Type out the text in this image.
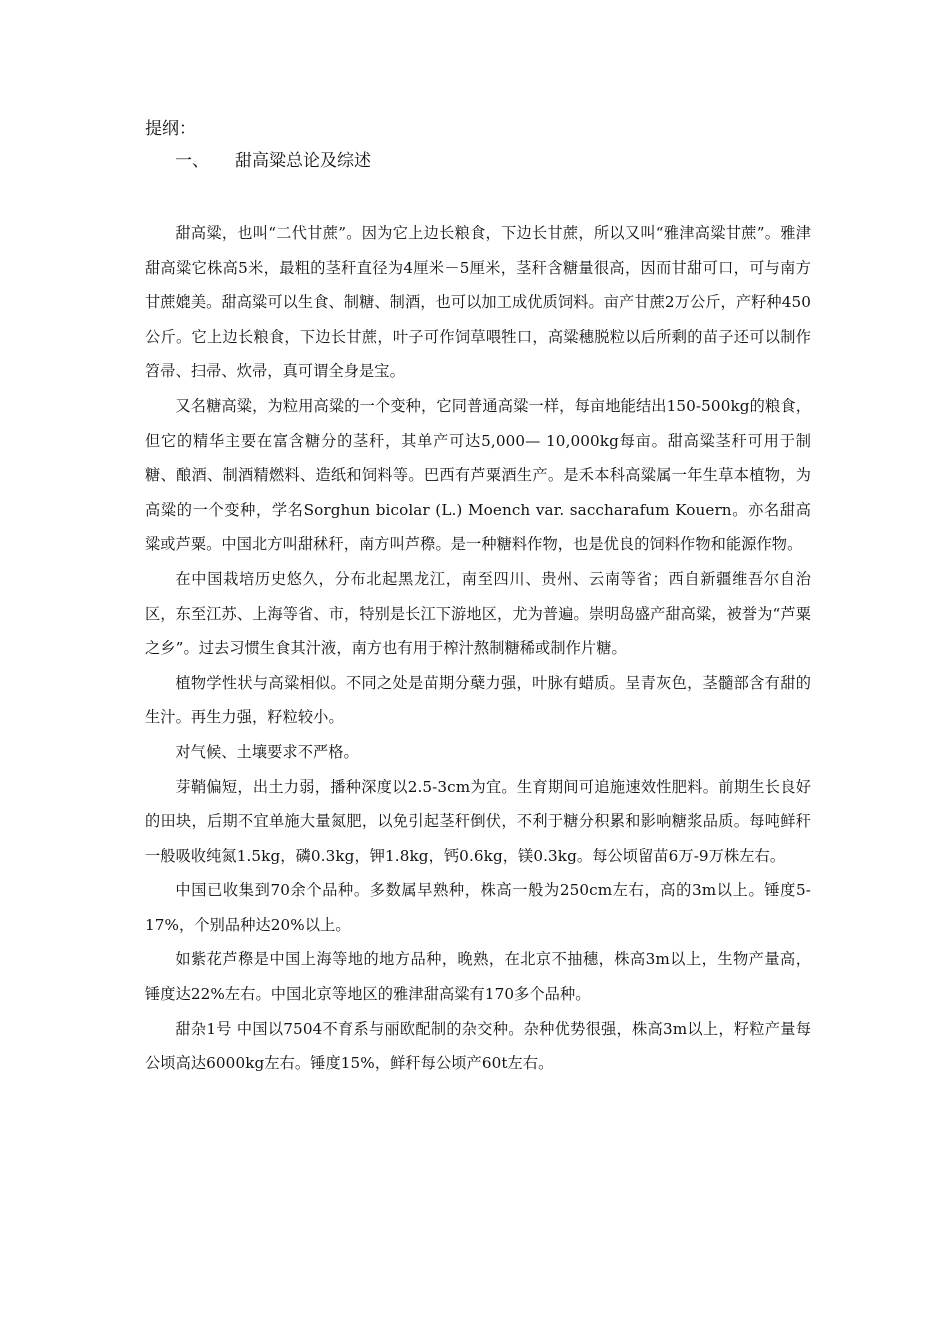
提纲：

一、	甜高粱总论及综述

甜高粱，也叫“二代甘蔗”。因为它上边长粮食，下边长甘蔗，所以又叫“雅津高粱甘蔗”。雅津甜高粱它株高5米，最粗的茎秆直径为4厘米－5厘米，茎秆含糖量很高，因而甘甜可口，可与南方甘蔗媲美。甜高粱可以生食、制糖、制酒，也可以加工成优质饲料。亩产甘蔗2万公斤，产籽种450公斤。它上边长粮食，下边长甘蔗，叶子可作饲草喂牲口，高粱穗脱粒以后所剩的苗子还可以制作笤帚、扫帚、炊帚，真可谓全身是宝。

又名糖高粱，为粒用高粱的一个变种，它同普通高粱一样，每亩地能结出150-500kg的粮食，但它的精华主要在富含糖分的茎秆，其单产可达5,000— 10,000kg每亩。甜高粱茎秆可用于制糖、酿酒、制酒精燃料、造纸和饲料等。巴西有芦粟酒生产。是禾本科高粱属一年生草本植物，为高粱的一个变种，学名Sorghun bicolar (L.) Moench var. saccharafum Kouern。亦名甜高粱或芦粟。中国北方叫甜秫秆，南方叫芦穄。是一种糖料作物，也是优良的饲料作物和能源作物。

在中国栽培历史悠久，分布北起黑龙江，南至四川、贵州、云南等省；西自新疆维吾尔自治区，东至江苏、上海等省、市，特别是长江下游地区，尤为普遍。崇明岛盛产甜高粱，被誉为“芦粟之乡”。过去习惯生食其汁液，南方也有用于榨汁熬制糖稀或制作片糖。

植物学性状与高粱相似。不同之处是苗期分蘖力强，叶脉有蜡质。呈青灰色，茎髓部含有甜的生汁。再生力强，籽粒较小。

对气候、土壤要求不严格。

芽鞘偏短，出土力弱，播种深度以2.5-3cm为宜。生育期间可追施速效性肥料。前期生长良好的田块，后期不宜单施大量氮肥，以免引起茎秆倒伏，不利于糖分积累和影响糖浆品质。每吨鲜秆一般吸收纯氮1.5kg，磷0.3kg，钾1.8kg，钙0.6kg，镁0.3kg。每公顷留苗6万-9万株左右。

中国已收集到70余个品种。多数属早熟种，株高一般为250cm左右，高的3m以上。锤度5-17%，个别品种达20%以上。

如紫花芦穄是中国上海等地的地方品种，晚熟，在北京不抽穗，株高3m以上，生物产量高，锤度达22%左右。中国北京等地区的雅津甜高粱有170多个品种。

甜杂1号 中国以7504不育系与丽欧配制的杂交种。杂种优势很强，株高3m以上，籽粒产量每公顷高达6000kg左右。锤度15%，鲜秆每公顷产60t左右。
